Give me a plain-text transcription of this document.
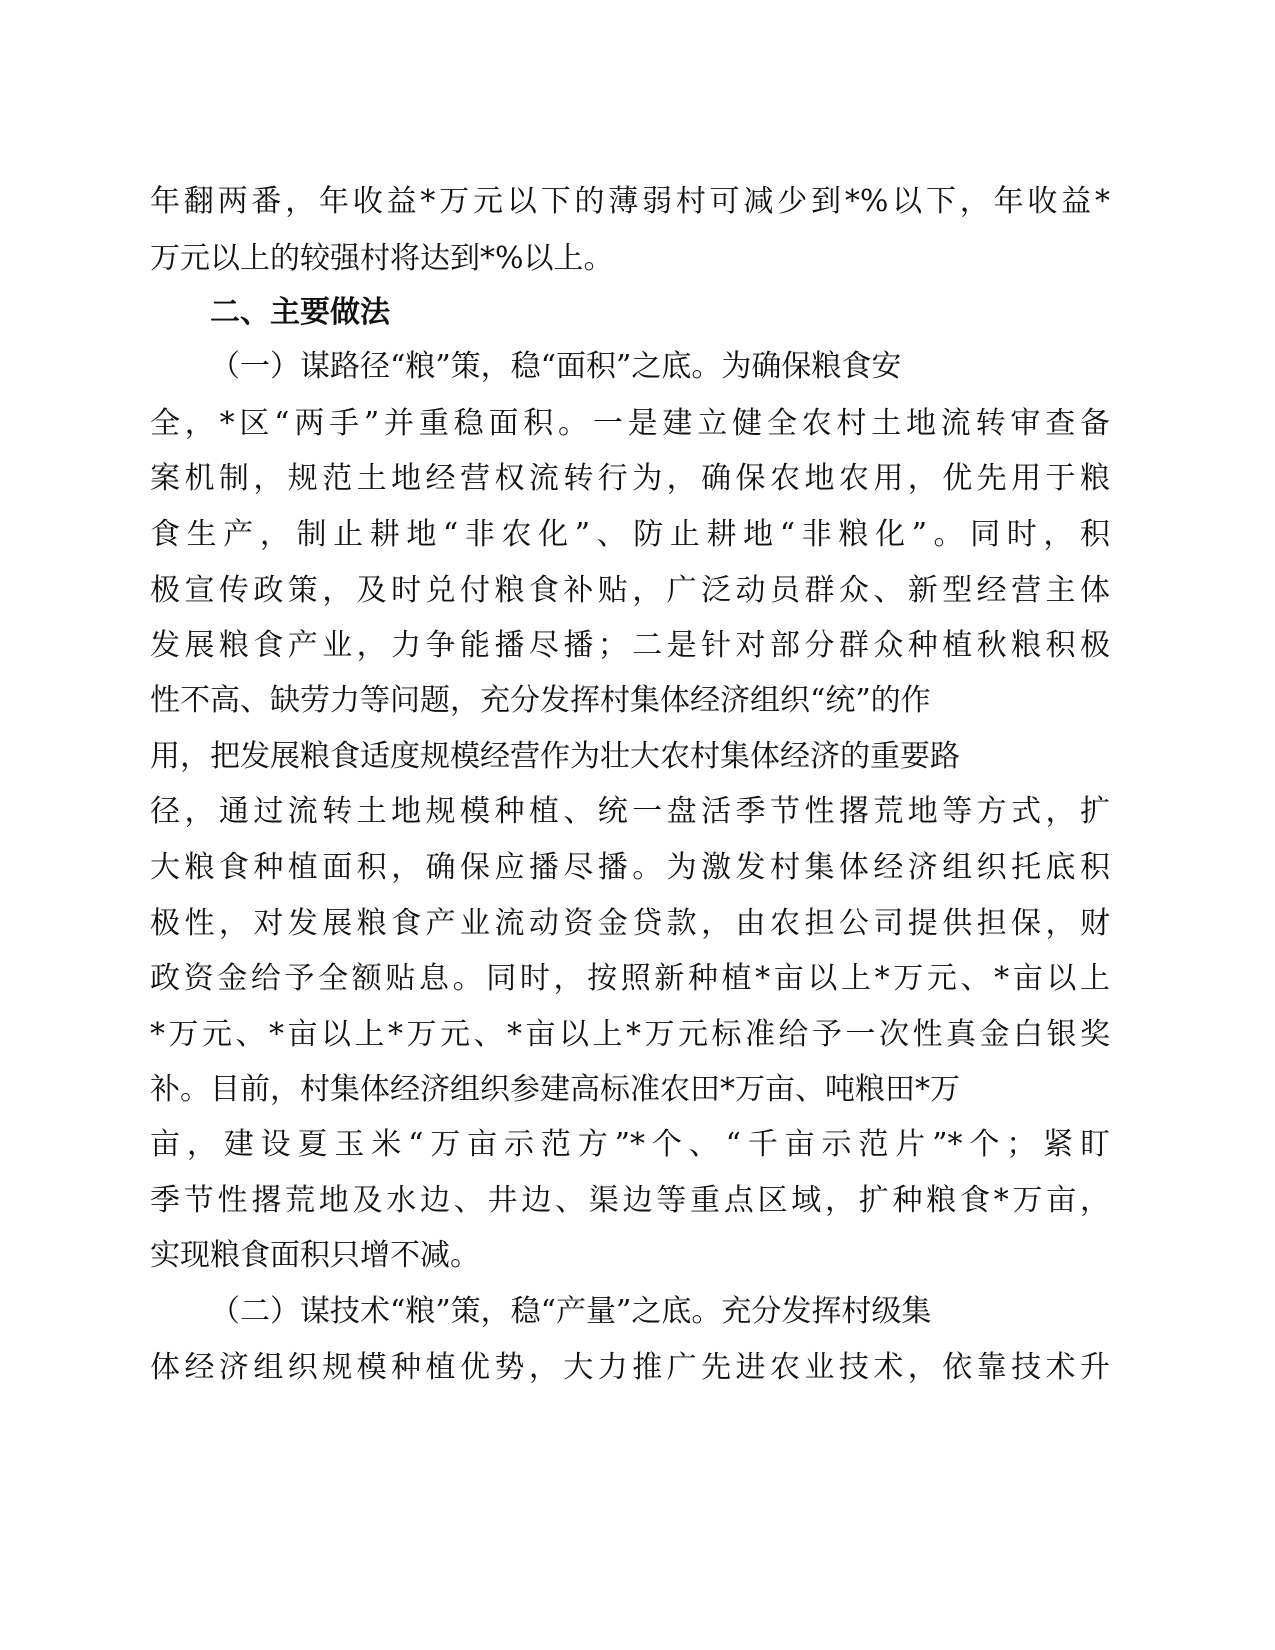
年翻两番，年收益*万元以下的薄弱村可减少到*%以下，年收益*
万元以上的较强村将达到*%以上。
二、主要做法
（一）谋路径“粮”策，稳“面积”之底。为确保粮食安
全，*区“两手”并重稳面积。一是建立健全农村土地流转审查备
案机制，规范土地经营权流转行为，确保农地农用，优先用于粮
食生产，制止耕地“非农化”、防止耕地“非粮化”。同时，积
极宣传政策，及时兑付粮食补贴，广泛动员群众、新型经营主体
发展粮食产业，力争能播尽播；二是针对部分群众种植秋粮积极
性不高、缺劳力等问题，充分发挥村集体经济组织“统”的作
用，把发展粮食适度规模经营作为壮大农村集体经济的重要路
径，通过流转土地规模种植、统一盘活季节性撂荒地等方式，扩
大粮食种植面积，确保应播尽播。为激发村集体经济组织托底积
极性，对发展粮食产业流动资金贷款，由农担公司提供担保，财
政资金给予全额贴息。同时，按照新种植*亩以上*万元、*亩以上
*万元、*亩以上*万元、*亩以上*万元标准给予一次性真金白银奖
补。目前，村集体经济组织参建高标准农田*万亩、吨粮田*万
亩，建设夏玉米“万亩示范方”*个、“千亩示范片”*个；紧盯
季节性撂荒地及水边、井边、渠边等重点区域，扩种粮食*万亩，
实现粮食面积只增不减。
（二）谋技术“粮”策，稳“产量”之底。充分发挥村级集
体经济组织规模种植优势，大力推广先进农业技术，依靠技术升
